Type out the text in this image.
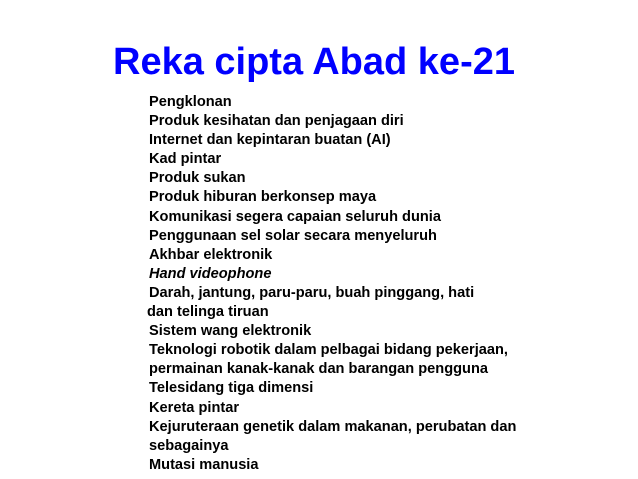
Reka cipta Abad ke-21
Pengklonan
Produk kesihatan dan penjagaan diri
Internet dan kepintaran buatan (AI)
Kad pintar
Produk sukan
Produk hiburan berkonsep maya
Komunikasi segera capaian seluruh dunia
Penggunaan sel solar secara menyeluruh
Akhbar elektronik
Hand videophone
Darah, jantung, paru-paru, buah pinggang, hati
dan telinga tiruan
Sistem wang elektronik
Teknologi robotik dalam pelbagai bidang pekerjaan,
permainan kanak-kanak dan barangan pengguna
Telesidang tiga dimensi
Kereta pintar
Kejuruteraan genetik dalam makanan, perubatan dan
sebagainya
Mutasi manusia
